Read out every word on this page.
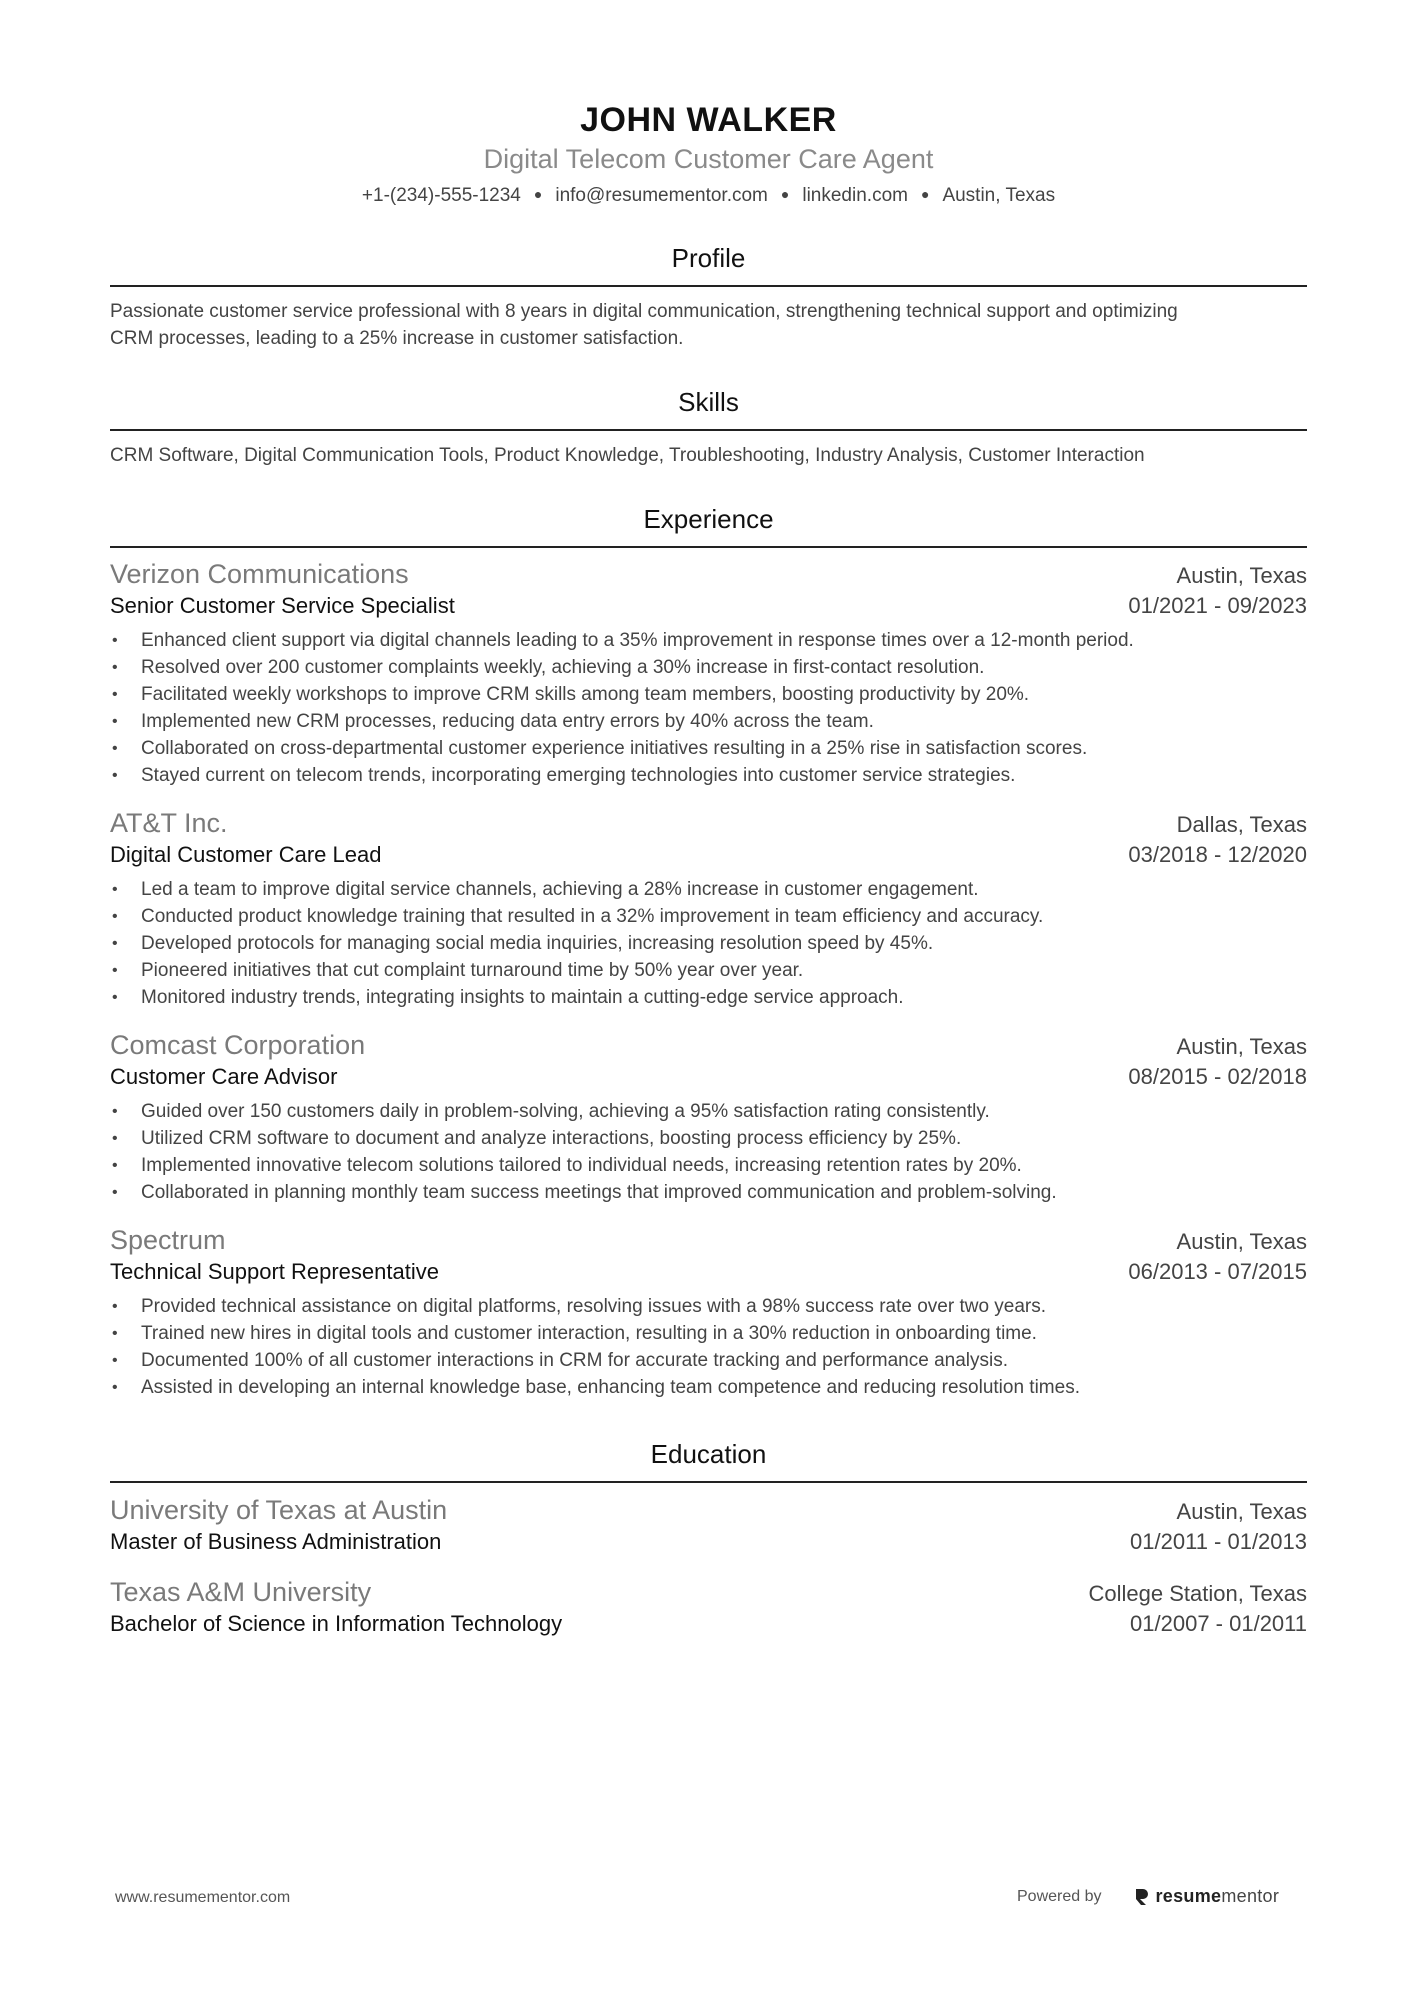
JOHN WALKER
Digital Telecom Customer Care Agent
+1-(234)-555-1234 ● info@resumementor.com ● linkedin.com ● Austin, Texas
Profile
Passionate customer service professional with 8 years in digital communication, strengthening technical support and optimizing
CRM processes, leading to a 25% increase in customer satisfaction.
Skills
CRM Software, Digital Communication Tools, Product Knowledge, Troubleshooting, Industry Analysis, Customer Interaction
Experience
Verizon Communications	Austin, Texas
Senior Customer Service Specialist	01/2021 - 09/2023
• Enhanced client support via digital channels leading to a 35% improvement in response times over a 12-month period.
• Resolved over 200 customer complaints weekly, achieving a 30% increase in first-contact resolution.
• Facilitated weekly workshops to improve CRM skills among team members, boosting productivity by 20%.
• Implemented new CRM processes, reducing data entry errors by 40% across the team.
• Collaborated on cross-departmental customer experience initiatives resulting in a 25% rise in satisfaction scores.
• Stayed current on telecom trends, incorporating emerging technologies into customer service strategies.
AT&T Inc.	Dallas, Texas
Digital Customer Care Lead	03/2018 - 12/2020
• Led a team to improve digital service channels, achieving a 28% increase in customer engagement.
• Conducted product knowledge training that resulted in a 32% improvement in team efficiency and accuracy.
• Developed protocols for managing social media inquiries, increasing resolution speed by 45%.
• Pioneered initiatives that cut complaint turnaround time by 50% year over year.
• Monitored industry trends, integrating insights to maintain a cutting-edge service approach.
Comcast Corporation	Austin, Texas
Customer Care Advisor	08/2015 - 02/2018
• Guided over 150 customers daily in problem-solving, achieving a 95% satisfaction rating consistently.
• Utilized CRM software to document and analyze interactions, boosting process efficiency by 25%.
• Implemented innovative telecom solutions tailored to individual needs, increasing retention rates by 20%.
• Collaborated in planning monthly team success meetings that improved communication and problem-solving.
Spectrum	Austin, Texas
Technical Support Representative	06/2013 - 07/2015
• Provided technical assistance on digital platforms, resolving issues with a 98% success rate over two years.
• Trained new hires in digital tools and customer interaction, resulting in a 30% reduction in onboarding time.
• Documented 100% of all customer interactions in CRM for accurate tracking and performance analysis.
• Assisted in developing an internal knowledge base, enhancing team competence and reducing resolution times.
Education
University of Texas at Austin	Austin, Texas
Master of Business Administration	01/2011 - 01/2013
Texas A&M University	College Station, Texas
Bachelor of Science in Information Technology	01/2007 - 01/2011
www.resumementor.com	Powered by	resume mentor
